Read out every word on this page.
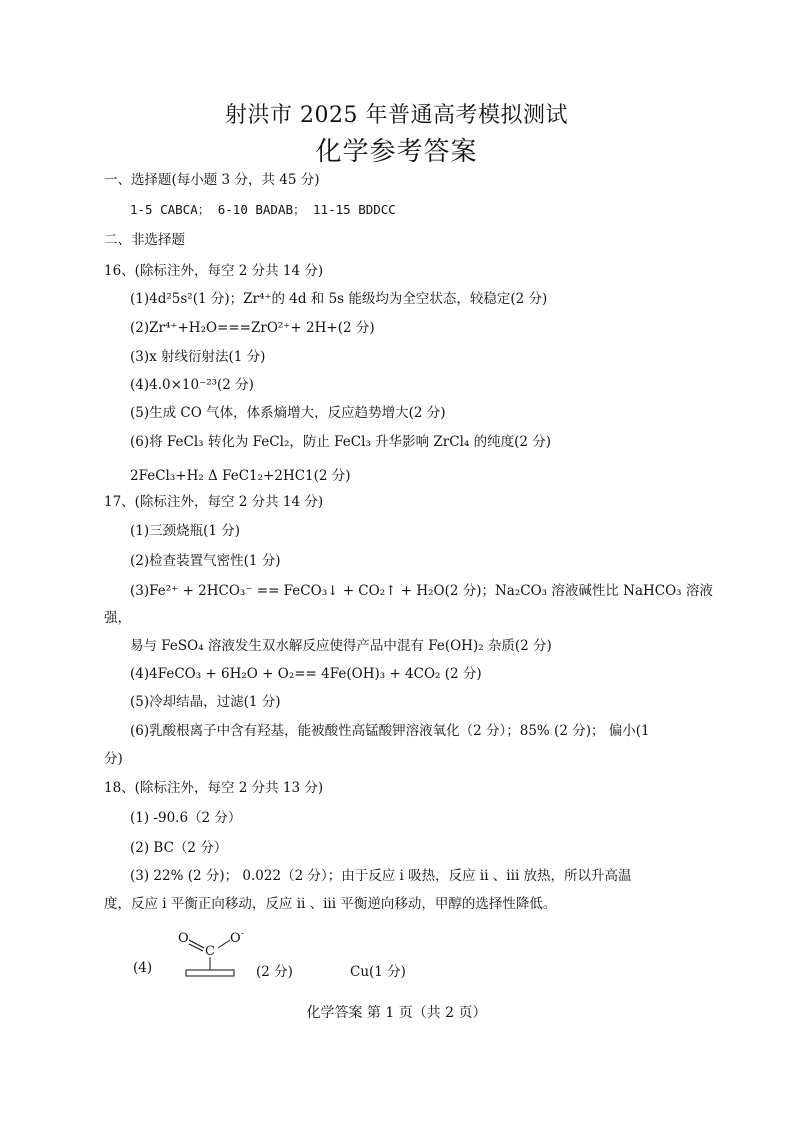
射洪市 2025 年普通高考模拟测试
化学参考答案
一、选择题(每小题 3 分，共 45 分)
1-5 CABCA； 6-10 BADAB； 11-15 BDDCC
二、非选择题
16、(除标注外，每空 2 分共 14 分)
(1)4d²5s²(1 分)；Zr⁴⁺的 4d 和 5s 能级均为全空状态，较稳定(2 分)
(2)Zr⁴⁺+H₂O===ZrO²⁺+ 2H+(2 分)
(3)x 射线衍射法(1 分)
(4)4.0×10⁻²³(2 分)
(5)生成 CO 气体，体系熵增大，反应趋势增大(2 分)
(6)将 FeCl₃ 转化为 FeCl₂，防止 FeCl₃ 升华影响 ZrCl₄ 的纯度(2 分)
2FeCl₃+H₂ Δ FeC1₂+2HC1(2 分)
17、(除标注外，每空 2 分共 14 分)
(1)三颈烧瓶(1 分)
(2)检查装置气密性(1 分)
(3)Fe²⁺ + 2HCO₃⁻ == FeCO₃↓ + CO₂↑ + H₂O(2 分)；Na₂CO₃ 溶液碱性比 NaHCO₃ 溶液
强，
易与 FeSO₄ 溶液发生双水解反应使得产品中混有 Fe(OH)₂ 杂质(2 分)
(4)4FeCO₃ + 6H₂O + O₂== 4Fe(OH)₃ + 4CO₂ (2 分)
(5)冷却结晶，过滤(1 分)
(6)乳酸根离子中含有羟基，能被酸性高锰酸钾溶液氧化（2 分）；85% (2 分)； 偏小(1
分)
18、(除标注外，每空 2 分共 13 分)
(1) -90.6（2 分）
(2) BC（2 分）
(3) 22% (2 分)； 0.022（2 分）；由于反应 i 吸热，反应 ii 、iii 放热，所以升高温
度，反应 i 平衡正向移动，反应 ii 、iii 平衡逆向移动，甲醇的选择性降低。
(4)
O
C
O -
(2 分)	Cu(1 分)
化学答案 第 1 页（共 2 页）
